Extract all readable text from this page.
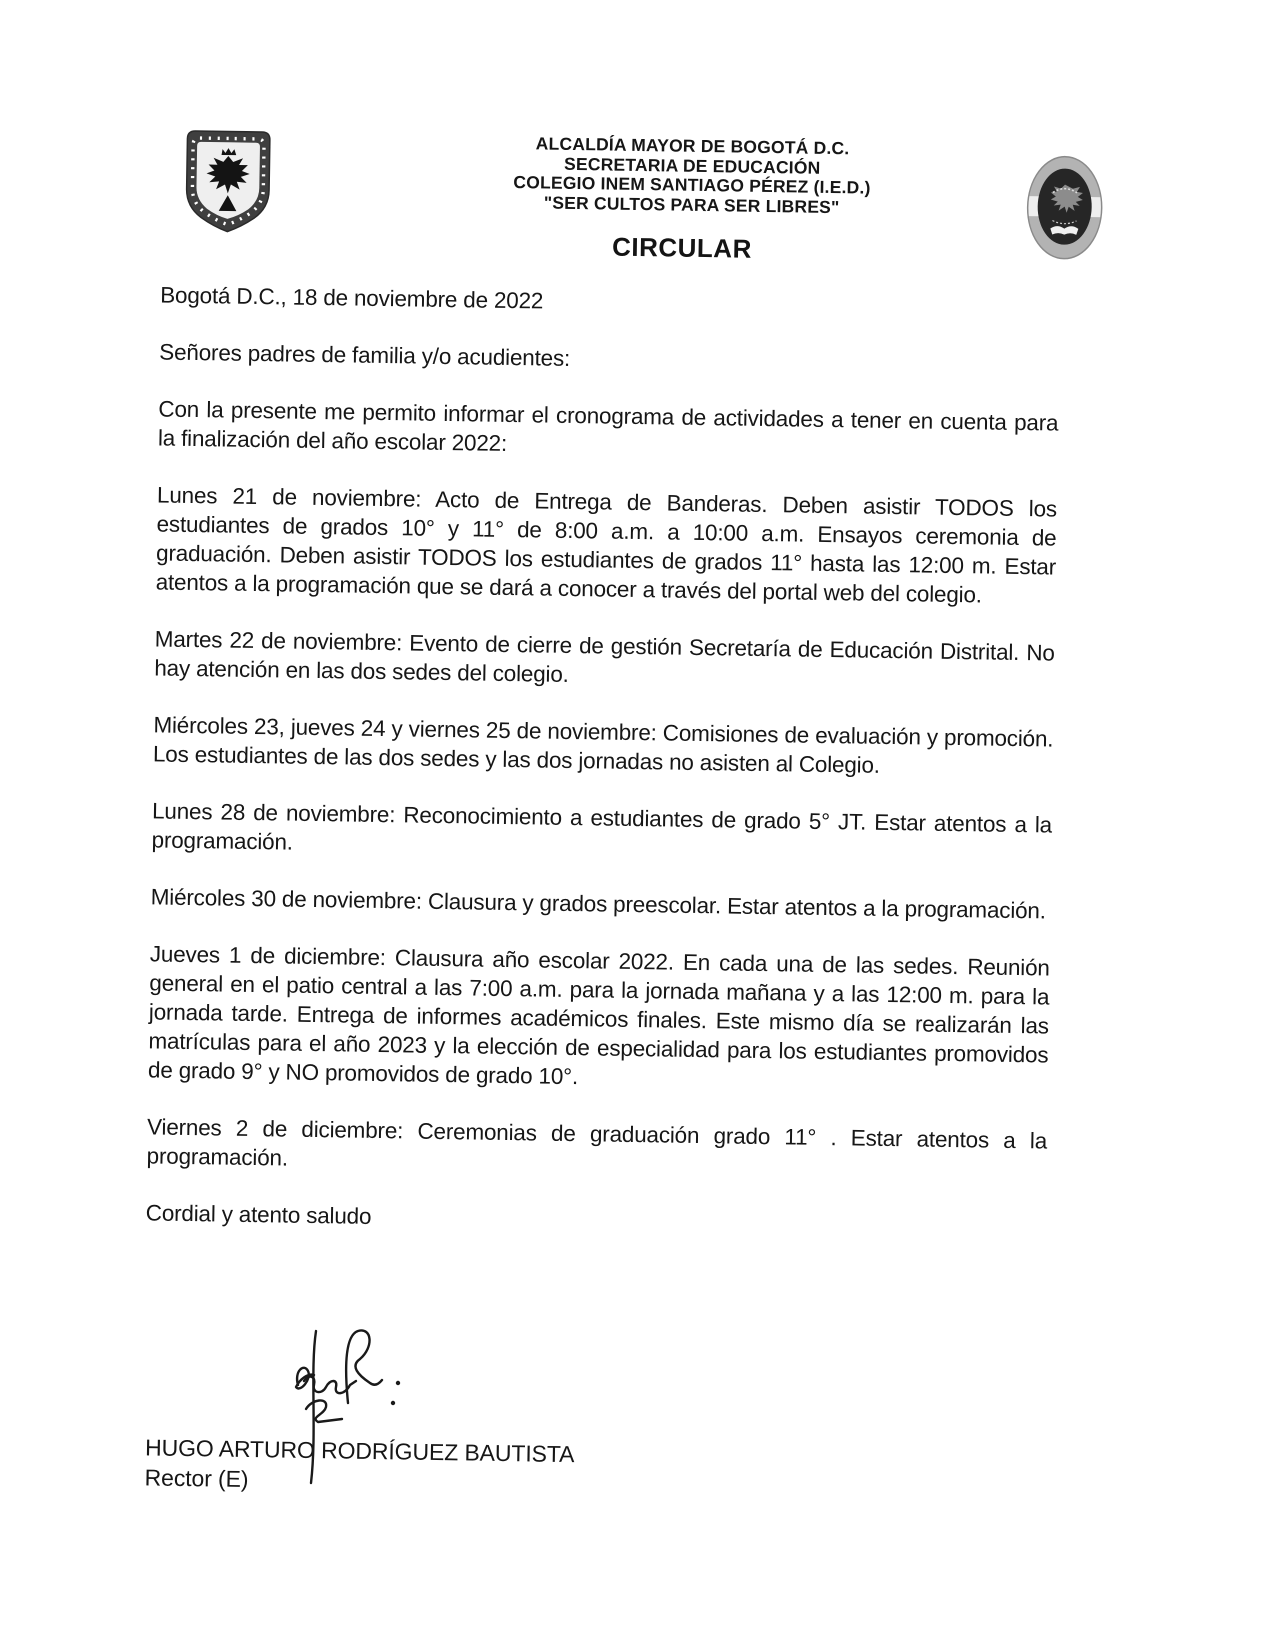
ALCALDÍA MAYOR DE BOGOTÁ D.C.
SECRETARIA DE EDUCACIÓN
COLEGIO INEM SANTIAGO PÉREZ (I.E.D.)
"SER CULTOS PARA SER LIBRES"
CIRCULAR

Bogotá D.C., 18 de noviembre de 2022

Señores padres de familia y/o acudientes:

Con la presente me permito informar el cronograma de actividades a tener en cuenta para la finalización del año escolar 2022:

Lunes 21 de noviembre: Acto de Entrega de Banderas. Deben asistir TODOS los estudiantes de grados 10° y 11° de 8:00 a.m. a 10:00 a.m. Ensayos ceremonia de graduación. Deben asistir TODOS los estudiantes de grados 11° hasta las 12:00 m. Estar atentos a la programación que se dará a conocer a través del portal web del colegio.

Martes 22 de noviembre: Evento de cierre de gestión Secretaría de Educación Distrital. No hay atención en las dos sedes del colegio.

Miércoles 23, jueves 24 y viernes 25 de noviembre: Comisiones de evaluación y promoción. Los estudiantes de las dos sedes y las dos jornadas no asisten al Colegio.

Lunes 28 de noviembre: Reconocimiento a estudiantes de grado 5° JT. Estar atentos a la programación.

Miércoles 30 de noviembre: Clausura y grados preescolar. Estar atentos a la programación.

Jueves 1 de diciembre: Clausura año escolar 2022. En cada una de las sedes. Reunión general en el patio central a las 7:00 a.m. para la jornada mañana y a las 12:00 m. para la jornada tarde. Entrega de informes académicos finales. Este mismo día se realizarán las matrículas para el año 2023 y la elección de especialidad para los estudiantes promovidos de grado 9° y NO promovidos de grado 10°.

Viernes 2 de diciembre: Ceremonias de graduación grado 11° . Estar atentos a la programación.

Cordial y atento saludo

HUGO ARTURO RODRÍGUEZ BAUTISTA
Rector (E)
